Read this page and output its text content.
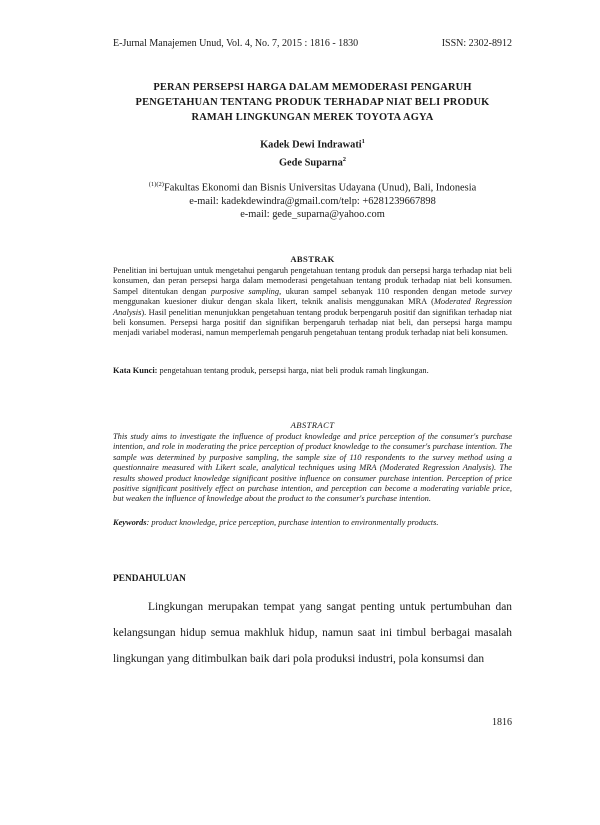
E-Jurnal Manajemen Unud, Vol. 4, No. 7, 2015 : 1816 - 1830	ISSN: 2302-8912
PERAN PERSEPSI HARGA DALAM MEMODERASI PENGARUH
PENGETAHUAN TENTANG PRODUK TERHADAP NIAT BELI PRODUK
RAMAH LINGKUNGAN MEREK TOYOTA AGYA
Kadek Dewi Indrawati$^1$
Gede Suparna$^2$
$^{(1)(2)}$Fakultas Ekonomi dan Bisnis Universitas Udayana (Unud), Bali, Indonesia
e-mail: kadekdewindra@gmail.com/telp: +6281239667898
e-mail: gede_suparna@yahoo.com
ABSTRAK
Penelitian ini bertujuan untuk mengetahui pengaruh pengetahuan tentang produk dan persepsi harga terhadap niat beli konsumen, dan peran persepsi harga dalam memoderasi pengetahuan tentang produk terhadap niat beli konsumen. Sampel ditentukan dengan purposive sampling, ukuran sampel sebanyak 110 responden dengan metode survey menggunakan kuesioner diukur dengan skala likert, teknik analisis menggunakan MRA (Moderated Regression Analysis). Hasil penelitian menunjukkan pengetahuan tentang produk berpengaruh positif dan signifikan terhadap niat beli konsumen. Persepsi harga positif dan signifikan berpengaruh terhadap niat beli, dan persepsi harga mampu menjadi variabel moderasi, namun memperlemah pengaruh pengetahuan tentang produk terhadap niat beli konsumen.
Kata Kunci: pengetahuan tentang produk, persepsi harga, niat beli produk ramah lingkungan.
ABSTRACT
This study aims to investigate the influence of product knowledge and price perception of the consumer's purchase intention, and role in moderating the price perception of product knowledge to the consumer's purchase intention. The sample was determined by purposive sampling, the sample size of 110 respondents to the survey method using a questionnaire measured with Likert scale, analytical techniques using MRA (Moderated Regression Analysis). The results showed product knowledge significant positive influence on consumer purchase intention. Perception of price positive significant positively effect on purchase intention, and perception can become a moderating variable price, but weaken the influence of knowledge about the product to the consumer's purchase intention.
Keywords: product knowledge, price perception, purchase intention to environmentally products.
PENDAHULUAN
Lingkungan merupakan tempat yang sangat penting untuk pertumbuhan dan kelangsungan hidup semua makhluk hidup, namun saat ini timbul berbagai masalah lingkungan yang ditimbulkan baik dari pola produksi industri, pola konsumsi dan
1816
